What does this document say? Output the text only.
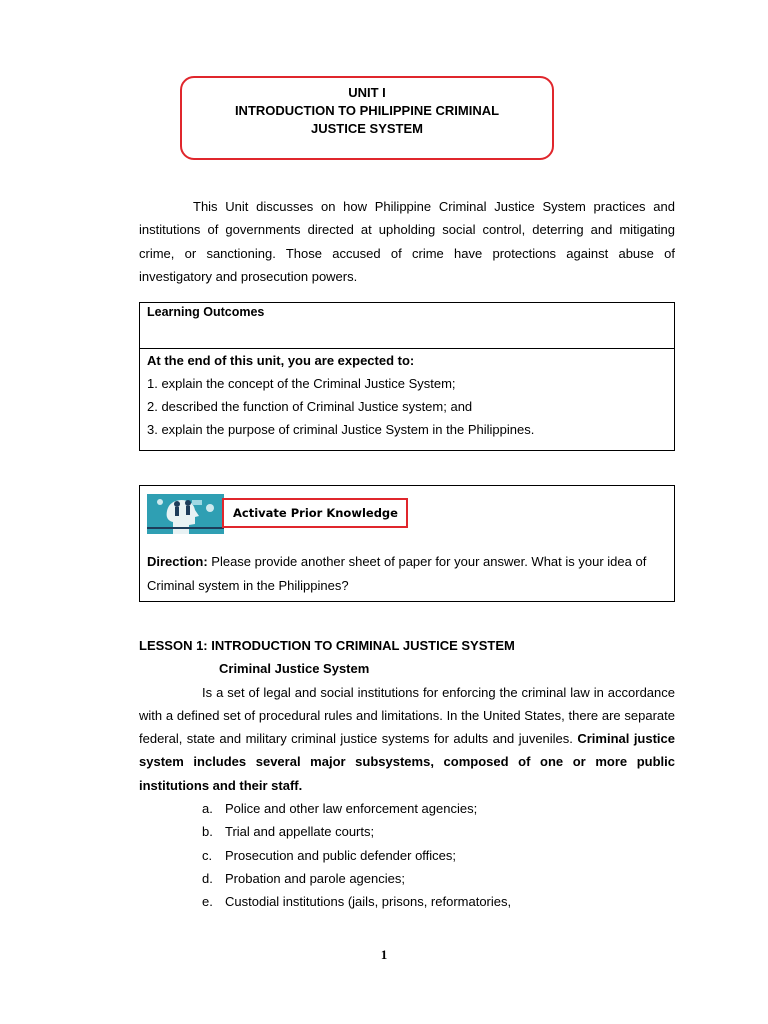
UNIT I
INTRODUCTION TO PHILIPPINE CRIMINAL
JUSTICE SYSTEM

This Unit discusses on how Philippine Criminal Justice System practices and institutions of governments directed at upholding social control, deterring and mitigating crime, or sanctioning. Those accused of crime have protections against abuse of investigatory and prosecution powers.

Learning Outcomes
At the end of this unit, you are expected to:
1. explain the concept of the Criminal Justice System;
2. described the function of Criminal Justice system; and
3. explain the purpose of criminal Justice System in the Philippines.
Activate Prior Knowledge

Direction: Please provide another sheet of paper for your answer. What is your idea of Criminal system in the Philippines?

LESSON 1: INTRODUCTION TO CRIMINAL JUSTICE SYSTEM
Criminal Justice System
Is a set of legal and social institutions for enforcing the criminal law in accordance with a defined set of procedural rules and limitations. In the United States, there are separate federal, state and military criminal justice systems for adults and juveniles. Criminal justice system includes several major subsystems, composed of one or more public institutions and their staff.
a. Police and other law enforcement agencies;
b. Trial and appellate courts;
c. Prosecution and public defender offices;
d. Probation and parole agencies;
e. Custodial institutions (jails, prisons, reformatories,
1
